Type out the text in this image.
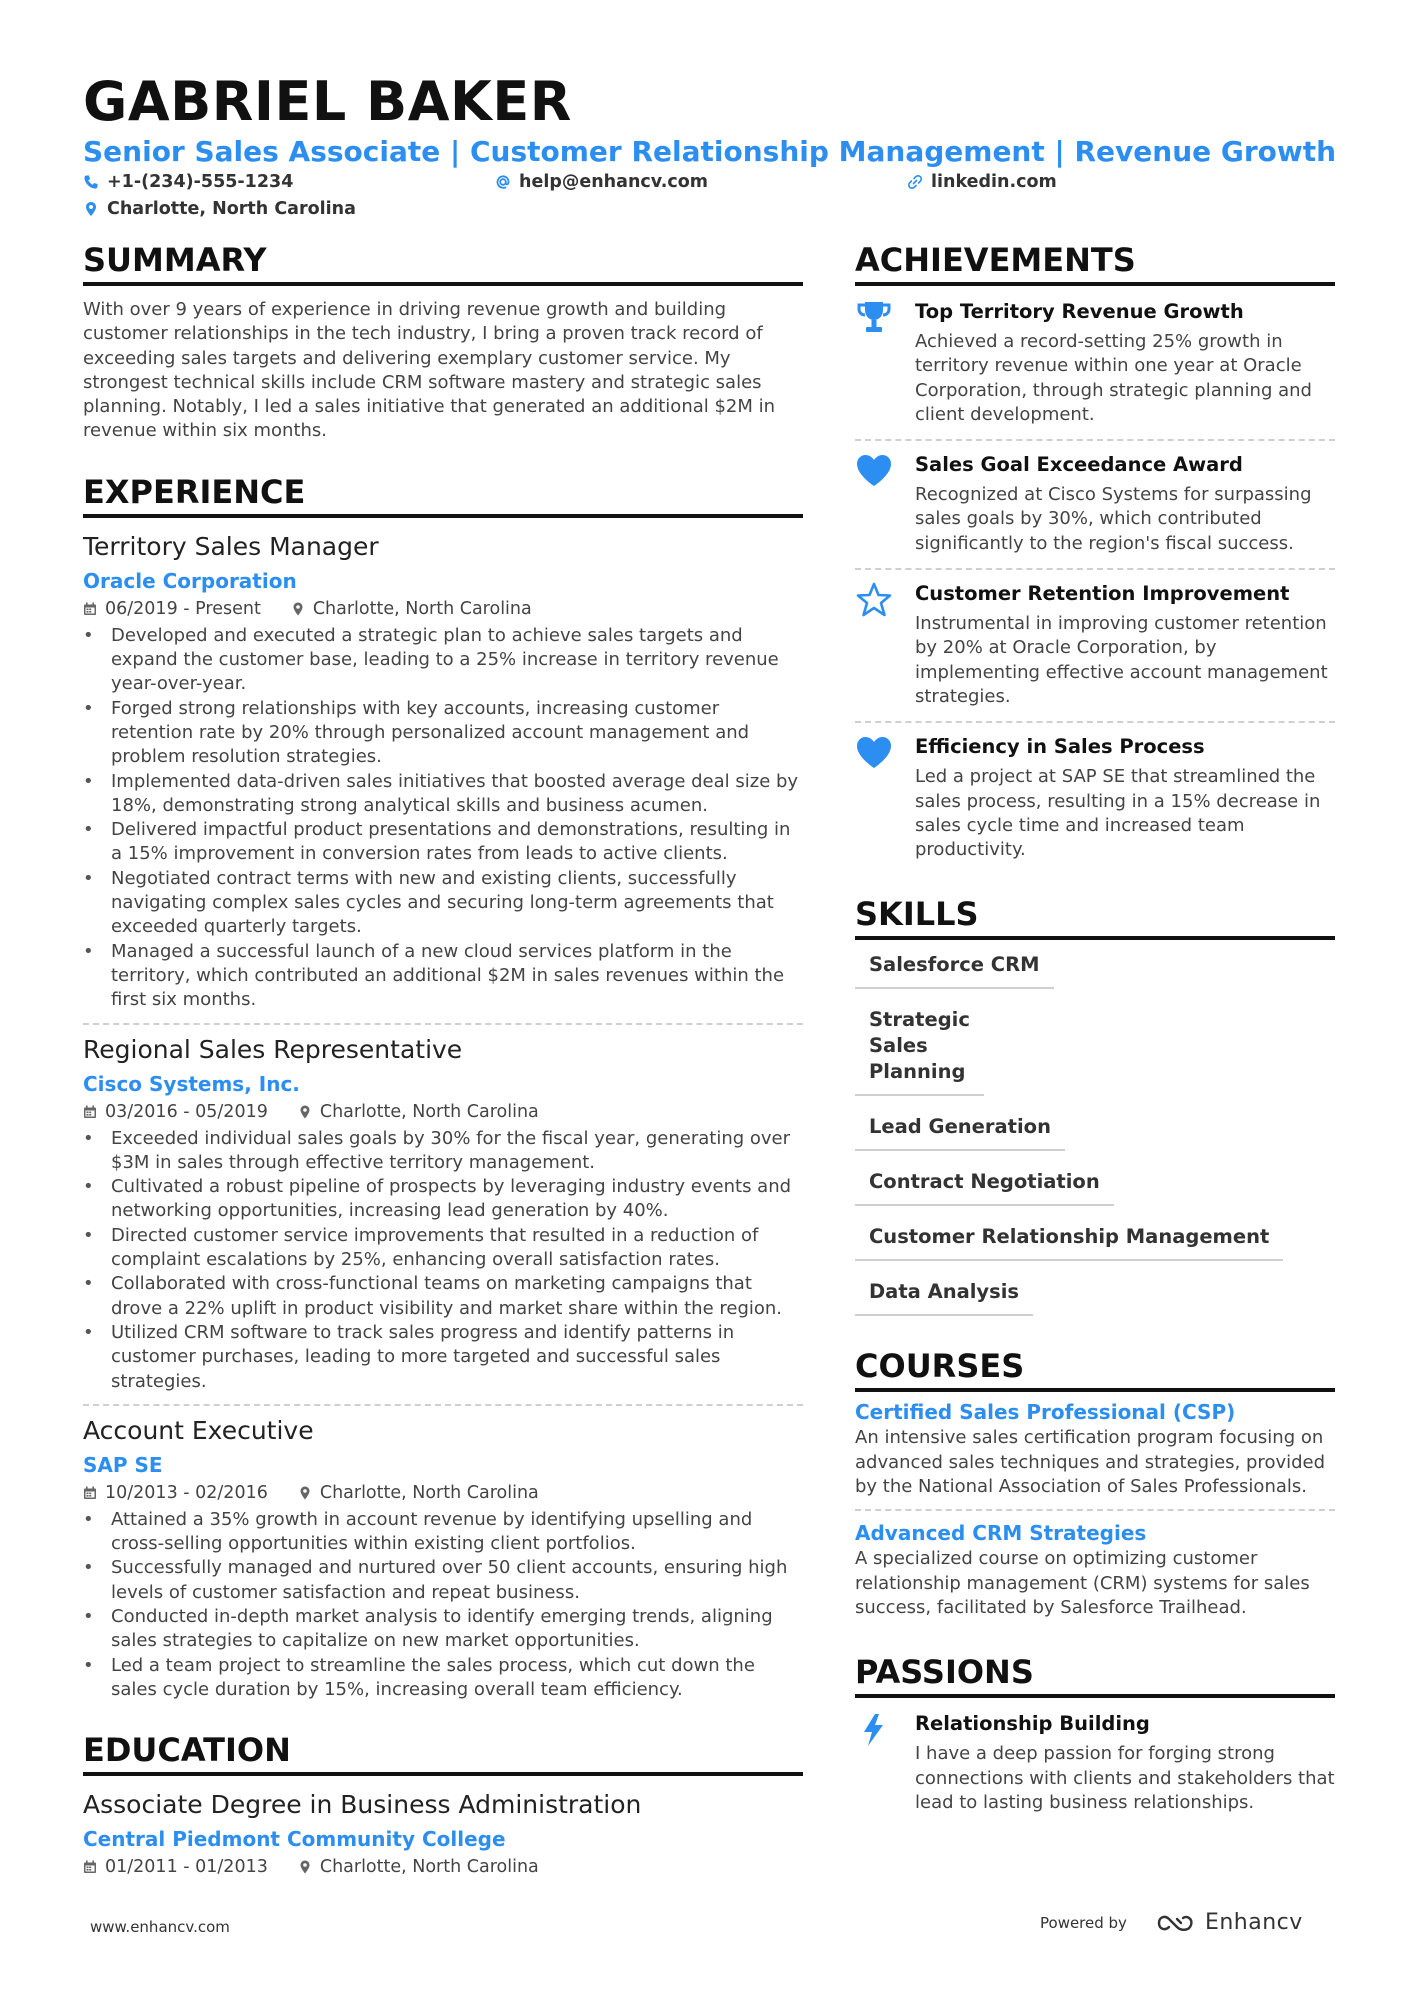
GABRIEL BAKER
Senior Sales Associate | Customer Relationship Management | Revenue Growth
+1-(234)-555-1234	help@enhancv.com	linkedin.com
Charlotte, North Carolina
SUMMARY

With over 9 years of experience in driving revenue growth and building customer relationships in the tech industry, I bring a proven track record of exceeding sales targets and delivering exemplary customer service. My strongest technical skills include CRM software mastery and strategic sales planning. Notably, I led a sales initiative that generated an additional $2M in revenue within six months.

EXPERIENCE
Territory Sales Manager
Oracle Corporation
06/2019 - Present	Charlotte, North Carolina
• Developed and executed a strategic plan to achieve sales targets and expand the customer base, leading to a 25% increase in territory revenue year-over-year.
• Forged strong relationships with key accounts, increasing customer retention rate by 20% through personalized account management and problem resolution strategies.
• Implemented data-driven sales initiatives that boosted average deal size by 18%, demonstrating strong analytical skills and business acumen.
• Delivered impactful product presentations and demonstrations, resulting in a 15% improvement in conversion rates from leads to active clients.
• Negotiated contract terms with new and existing clients, successfully navigating complex sales cycles and securing long-term agreements that exceeded quarterly targets.
• Managed a successful launch of a new cloud services platform in the territory, which contributed an additional $2M in sales revenues within the first six months.
Regional Sales Representative
Cisco Systems, Inc.
03/2016 - 05/2019	Charlotte, North Carolina
• Exceeded individual sales goals by 30% for the fiscal year, generating over $3M in sales through effective territory management.
• Cultivated a robust pipeline of prospects by leveraging industry events and networking opportunities, increasing lead generation by 40%.
• Directed customer service improvements that resulted in a reduction of complaint escalations by 25%, enhancing overall satisfaction rates.
• Collaborated with cross-functional teams on marketing campaigns that drove a 22% uplift in product visibility and market share within the region.
• Utilized CRM software to track sales progress and identify patterns in customer purchases, leading to more targeted and successful sales strategies.
Account Executive
SAP SE
10/2013 - 02/2016	Charlotte, North Carolina
• Attained a 35% growth in account revenue by identifying upselling and cross-selling opportunities within existing client portfolios.
• Successfully managed and nurtured over 50 client accounts, ensuring high levels of customer satisfaction and repeat business.
• Conducted in-depth market analysis to identify emerging trends, aligning sales strategies to capitalize on new market opportunities.
• Led a team project to streamline the sales process, which cut down the sales cycle duration by 15%, increasing overall team efficiency.
EDUCATION
Associate Degree in Business Administration
Central Piedmont Community College
01/2011 - 01/2013	Charlotte, North Carolina
ACHIEVEMENTS
Top Territory Revenue Growth
Achieved a record-setting 25% growth in territory revenue within one year at Oracle Corporation, through strategic planning and client development.
Sales Goal Exceedance Award
Recognized at Cisco Systems for surpassing sales goals by 30%, which contributed significantly to the region's fiscal success.
Customer Retention Improvement
Instrumental in improving customer retention by 20% at Oracle Corporation, by implementing effective account management strategies.
Efficiency in Sales Process
Led a project at SAP SE that streamlined the sales process, resulting in a 15% decrease in sales cycle time and increased team productivity.
SKILLS
Salesforce CRM
Strategic Sales Planning
Lead Generation
Contract Negotiation
Customer Relationship Management
Data Analysis
COURSES
Certified Sales Professional (CSP)
An intensive sales certification program focusing on advanced sales techniques and strategies, provided by the National Association of Sales Professionals.
Advanced CRM Strategies
A specialized course on optimizing customer relationship management (CRM) systems for sales success, facilitated by Salesforce Trailhead.
PASSIONS
Relationship Building
I have a deep passion for forging strong connections with clients and stakeholders that lead to lasting business relationships.
www.enhancv.com	Powered by	Enhancv
